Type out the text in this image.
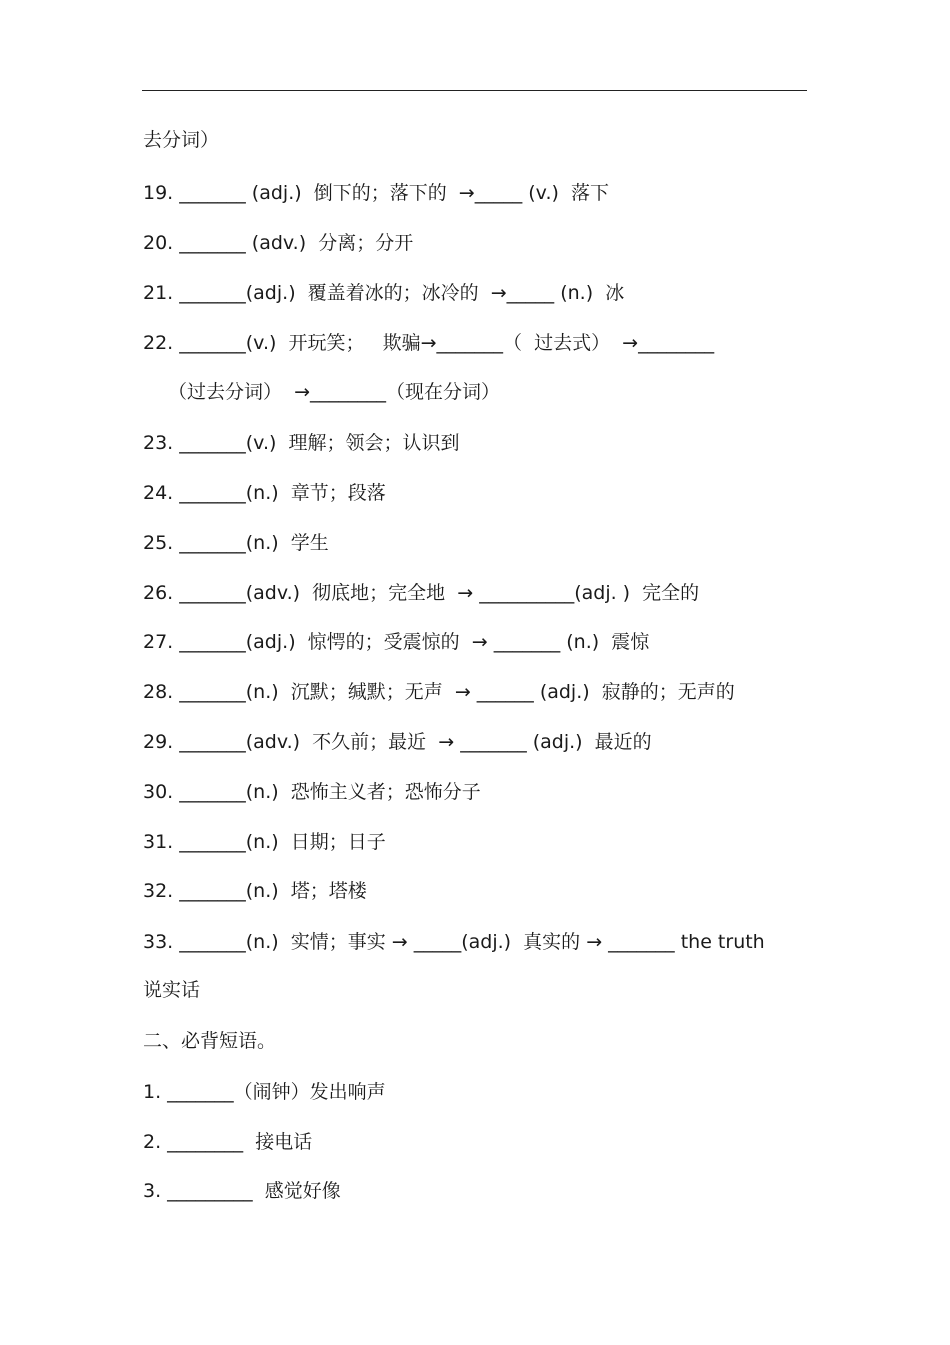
去分词）
19. _______ (adj.)  倒下的；落下的  →_____ (v.)  落下
20. _______ (adv.)  分离；分开
21. _______(adj.)  覆盖着冰的；冰冷的  →_____ (n.)  冰
22. _______(v.)  开玩笑；   欺骗→_______（  过去式）  →________
（过去分词）  →________（现在分词）
23. _______(v.)  理解；领会；认识到
24. _______(n.)  章节；段落
25. _______(n.)  学生
26. _______(adv.)  彻底地；完全地  → __________(adj. )  完全的
27. _______(adj.)  惊愕的；受震惊的  → _______ (n.)  震惊
28. _______(n.)  沉默；缄默；无声  → ______ (adj.)  寂静的；无声的
29. _______(adv.)  不久前；最近  → _______ (adj.)  最近的
30. _______(n.)  恐怖主义者；恐怖分子
31. _______(n.)  日期；日子
32. _______(n.)  塔；塔楼
33. _______(n.)  实情；事实 → _____(adj.)  真实的 → _______ the truth
说实话
二、必背短语。
1. _______（闹钟）发出响声
2. ________  接电话
3. _________  感觉好像
